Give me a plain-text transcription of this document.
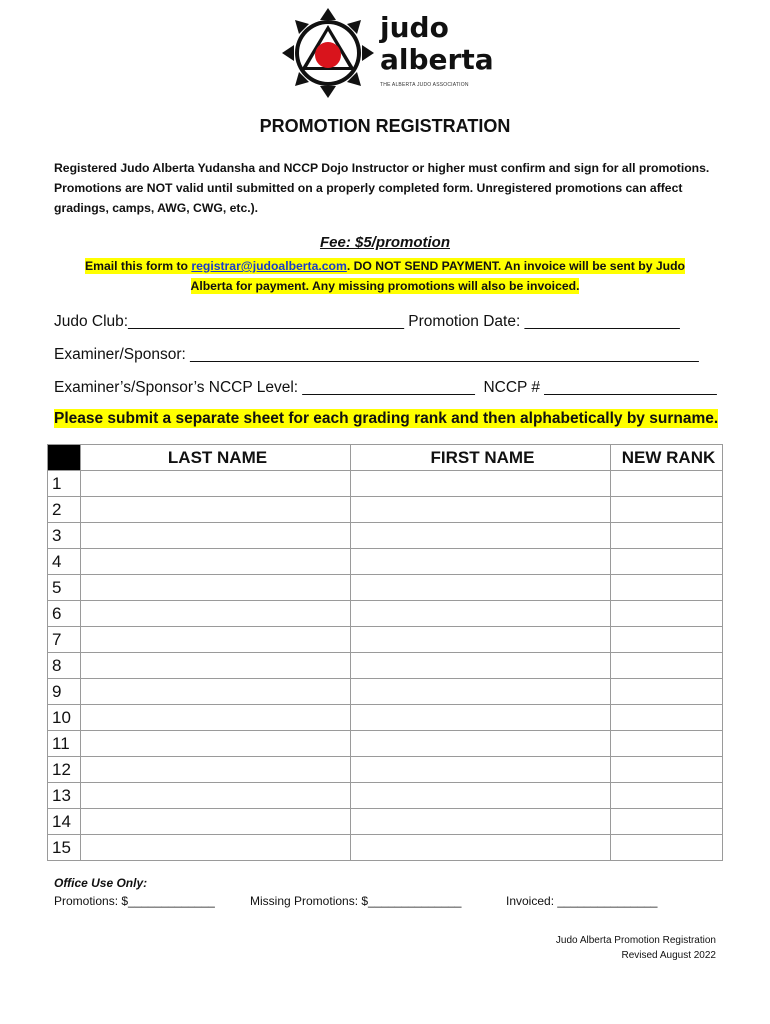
judo
alberta
THE ALBERTA JUDO ASSOCIATION
PROMOTION REGISTRATION
Registered Judo Alberta Yudansha and NCCP Dojo Instructor or higher must confirm and sign for all promotions. Promotions are NOT valid until submitted on a properly completed form. Unregistered promotions can affect gradings, camps, AWG, CWG, etc.).
Fee: $5/promotion
Email this form to registrar@judoalberta.com. DO NOT SEND PAYMENT. An invoice will be sent by Judo
Alberta for payment. Any missing promotions will also be invoiced.
Judo Club:________________________________ Promotion Date: __________________
Examiner/Sponsor: ___________________________________________________________
Examiner’s/Sponsor’s NCCP Level: ____________________ NCCP # ____________________
Please submit a separate sheet for each grading rank and then alphabetically by surname.
	LAST NAME	FIRST NAME	NEW RANK
1			
2			
3			
4			
5			
6			
7			
8			
9			
10			
11			
12			
13			
14			
15			
Office Use Only:
Promotions: $_____________	Missing Promotions: $______________	Invoiced: _______________
Judo Alberta Promotion Registration
Revised August 2022
